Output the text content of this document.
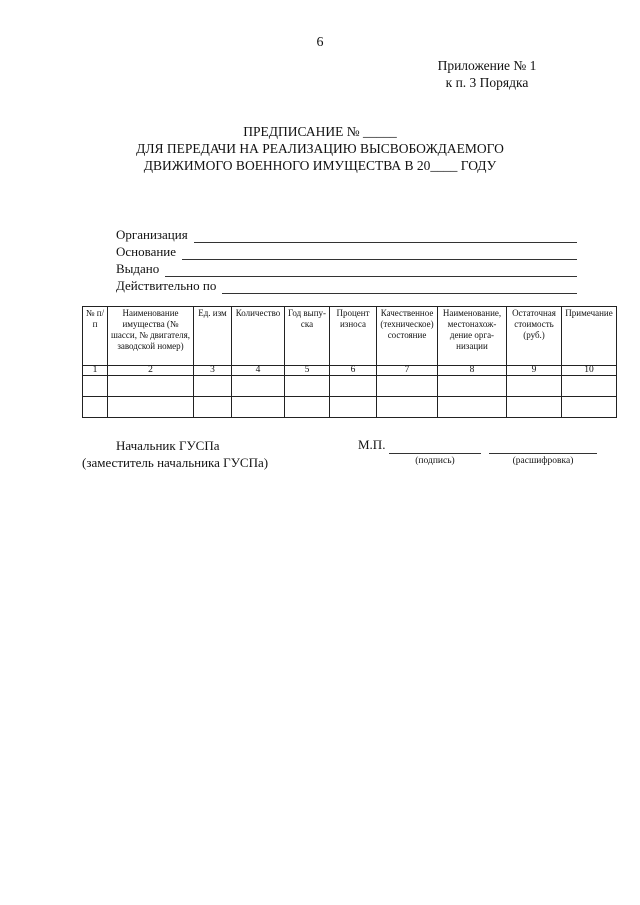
6
Приложение № 1
к п. 3 Порядка
ПРЕДПИСАНИЕ № _____
ДЛЯ ПЕРЕДАЧИ НА РЕАЛИЗАЦИЮ ВЫСВОБОЖДАЕМОГО
ДВИЖИМОГО ВОЕННОГО ИМУЩЕСТВА В 20____ ГОДУ
Организация
Основание
Выдано
Действительно по
№ п/п	Наименование имущества (№ шасси, № двигателя, заводской номер)	Ед. изм	Количество	Год выпу- ска	Процент износа	Качественное (техническое) состояние	Наименование, местонахож- дение орга- низации	Остаточная стоимость (руб.)	Примечание
1	2	3	4	5	6	7	8	9	10

Начальник ГУСПа
(заместитель начальника ГУСПа)
М.П.
(подпись)	(расшифровка)
